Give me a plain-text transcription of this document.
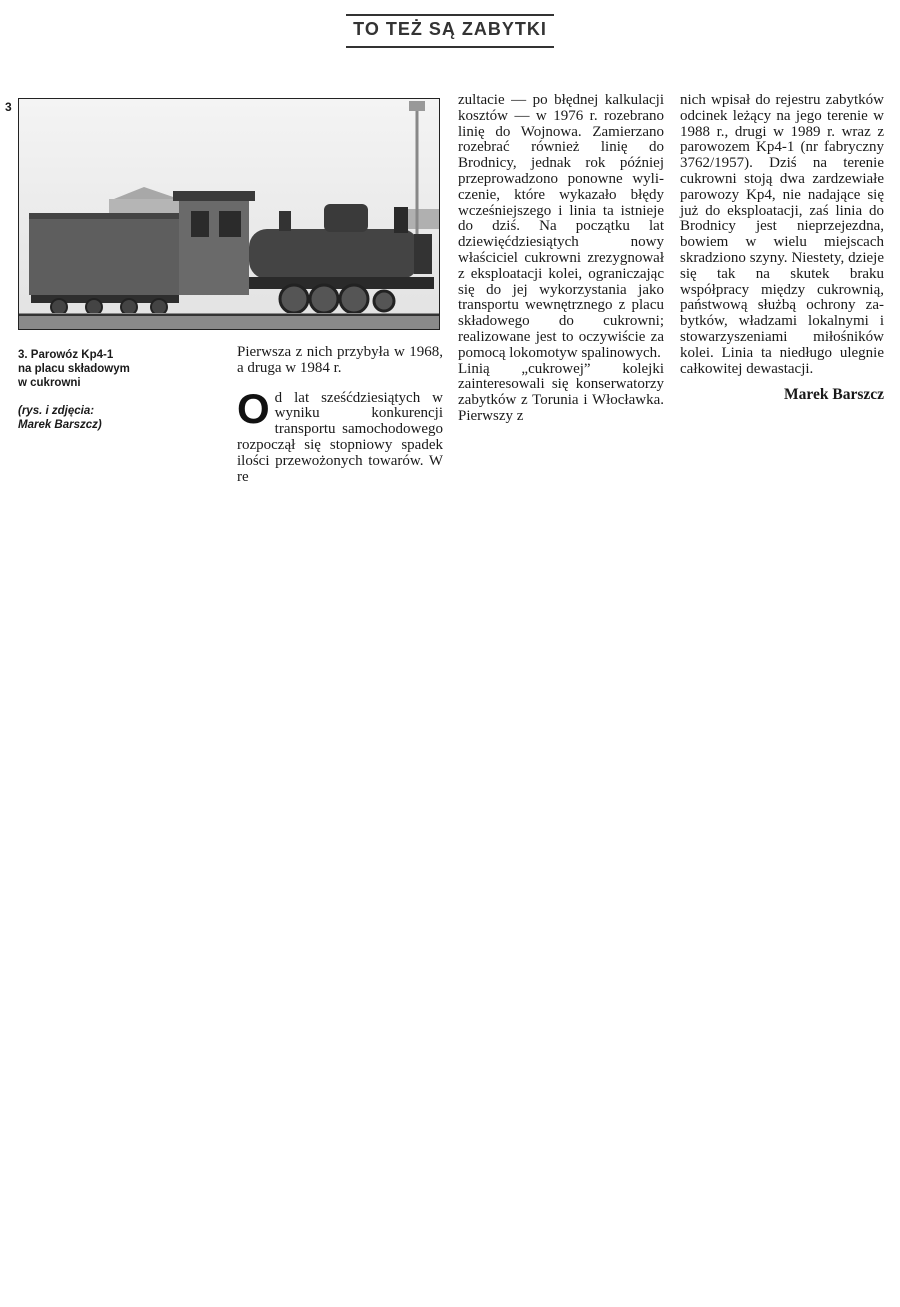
TO TEŻ SĄ ZABYTKI
3

3. Parowóz Kp4-1
na placu składowym
w cukrowni

(rys. i zdjęcia:
Marek Barszcz)

Pierwsza z nich przybyła w 1968, a druga w 1984 r.

Od lat sześćdziesiątych w wyniku konkurencji transportu samochodowego rozpoczął się stopniowy spadek ilości przewożonych towarów. W re

zultacie — po błędnej kalkulacji kosztów — w 1976 r. rozebrano linię do Wojnowa. Zamierzano rozebrać również linię do Brodnicy, jednak rok później przeprowadzono ponowne wyliczenie, które wykazało błędy wcześniejszego i linia ta istnieje do dziś. Na początku lat dziewięćdziesiątych nowy właściciel cukrowni zrezygnował z eksploatacji kolei, ograniczając się do jej wykorzystania jako transportu wewnętrznego z placu składowego do cukrowni; realizowane jest to oczywiście za pomocą lokomotyw spalinowych.

Linią „cukrowej” kolejki zainteresowali się konserwatorzy zabytków z Torunia i Włocławka. Pierwszy z

nich wpisał do rejestru zabytków odcinek leżący na jego terenie w 1988 r., drugi w 1989 r. wraz z parowozem Kp4-1 (nr fabryczny 3762/1957). Dziś na terenie cukrowni stoją dwa zardzewiałe parowozy Kp4, nie nadające się już do eksploatacji, zaś linia do Brodnicy jest nieprzejezdna, bowiem w wielu miejscach skradziono szyny. Niestety, dzieje się tak na skutek braku współpracy między cukrownią, państwową służbą ochrony zabytków, władzami lokalnymi i stowarzyszeniami miłośników kolei. Linia ta niedługo ulegnie całkowitej dewastacji.

Marek Barszcz
